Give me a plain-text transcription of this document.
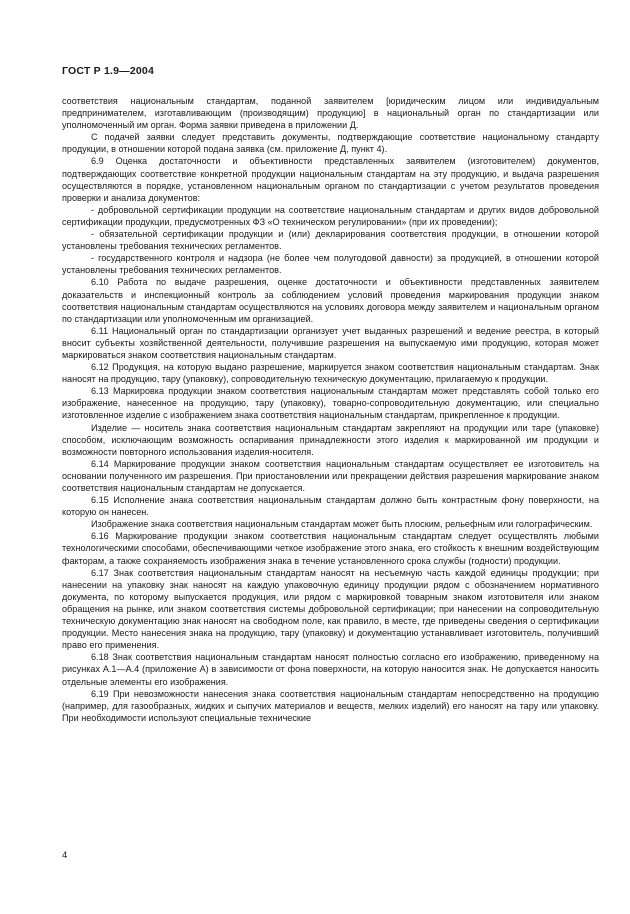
ГОСТ Р 1.9—2004

соответствия национальным стандартам, поданной заявителем [юридическим лицом или индивидуальным предпринимателем, изготавливающим (производящим) продукцию] в национальный орган по стандартизации или уполномоченный им орган. Форма заявки приведена в приложении Д.

С подачей заявки следует представить документы, подтверждающие соответствие национальному стандарту продукции, в отношении которой подана заявка (см. приложение Д, пункт 4).

6.9 Оценка достаточности и объективности представленных заявителем (изготовителем) документов, подтверждающих соответствие конкретной продукции национальным стандартам на эту продукцию, и выдача разрешения осуществляются в порядке, установленном национальным органом по стандартизации с учетом результатов проведения проверки и анализа документов:

- добровольной сертификации продукции на соответствие национальным стандартам и других видов добровольной сертификации продукции, предусмотренных ФЗ «О техническом регулировании» (при их проведении);

- обязательной сертификации продукции и (или) декларирования соответствия продукции, в отношении которой установлены требования технических регламентов.

- государственного контроля и надзора (не более чем полугодовой давности) за продукцией, в отношении которой установлены требования технических регламентов.

6.10 Работа по выдаче разрешения, оценке достаточности и объективности представленных заявителем доказательств и инспекционный контроль за соблюдением условий проведения маркирования продукции знаком соответствия национальным стандартам осуществляются на условиях договора между заявителем и национальным органом по стандартизации или уполномоченным им организацией.

6.11 Национальный орган по стандартизации организует учет выданных разрешений и ведение реестра, в который вносит субъекты хозяйственной деятельности, получившие разрешения на выпускаемую ими продукцию, которая может маркироваться знаком соответствия национальным стандартам.

6.12 Продукция, на которую выдано разрешение, маркируется знаком соответствия национальным стандартам. Знак наносят на продукцию, тару (упаковку), сопроводительную техническую документацию, прилагаемую к продукции.

6.13 Маркировка продукции знаком соответствия национальным стандартам может представлять собой только его изображение, нанесенное на продукцию, тару (упаковку), товарно-сопроводительную документацию, или специально изготовленное изделие с изображением знака соответствия национальным стандартам, прикрепленное к продукции.

Изделие — носитель знака соответствия национальным стандартам закрепляют на продукции или таре (упаковке) способом, исключающим возможность оспаривания принадлежности этого изделия к маркированной им продукции и возможности повторного использования изделия-носителя.

6.14 Маркирование продукции знаком соответствия национальным стандартам осуществляет ее изготовитель на основании полученного им разрешения. При приостановлении или прекращении действия разрешения маркирование знаком соответствия национальным стандартам не допускается.

6.15 Исполнение знака соответствия национальным стандартам должно быть контрастным фону поверхности, на которую он нанесен.

Изображение знака соответствия национальным стандартам может быть плоским, рельефным или голографическим.

6.16 Маркирование продукции знаком соответствия национальным стандартам следует осуществлять любыми технологическими способами, обеспечивающими четкое изображение этого знака, его стойкость к внешним воздействующим факторам, а также сохраняемость изображения знака в течение установленного срока службы (годности) продукции.

6.17 Знак соответствия национальным стандартам наносят на несъемную часть каждой единицы продукции; при нанесении на упаковку знак наносят на каждую упаковочную единицу продукции рядом с обозначением нормативного документа, по которому выпускается продукция, или рядом с маркировкой товарным знаком изготовителя или знаком обращения на рынке, или знаком соответствия системы добровольной сертификации; при нанесении на сопроводительную техническую документацию знак наносят на свободном поле, как правило, в месте, где приведены сведения о сертификации продукции. Место нанесения знака на продукцию, тару (упаковку) и документацию устанавливает изготовитель, получивший право его применения.

6.18 Знак соответствия национальным стандартам наносят полностью согласно его изображению, приведенному на рисунках А.1—А.4 (приложение А) в зависимости от фона поверхности, на которую наносится знак. Не допускается наносить отдельные элементы его изображения.

6.19 При невозможности нанесения знака соответствия национальным стандартам непосредственно на продукцию (например, для газообразных, жидких и сыпучих материалов и веществ, мелких изделий) его наносят на тару или упаковку. При необходимости используют специальные технические

4
